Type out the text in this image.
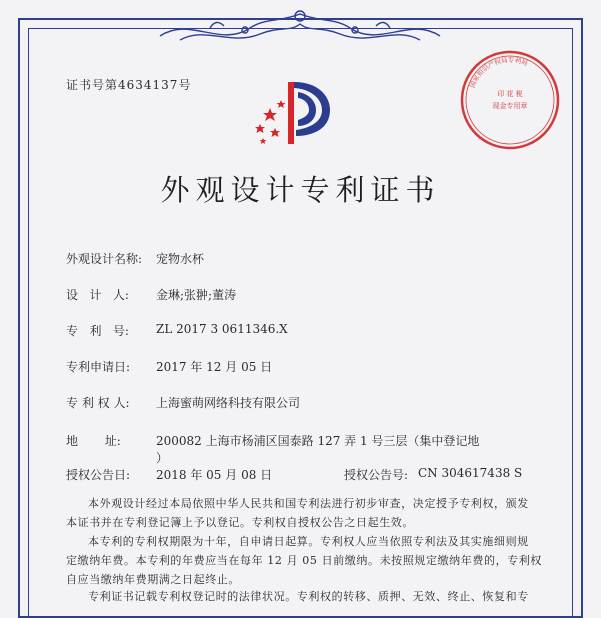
证书号第4634137号	国家知识产权局专利局
印 花 税
现金专用章
外观设计专利证书
外观设计名称: 宠物水杯
设   计   人: 金琳;张翀;董涛
专   利   号: ZL 2017 3 0611346.X
专利申请日: 2017 年 12 月 05 日
专 利 权 人: 上海蜜萌网络科技有限公司
地       址:	200082 上海市杨浦区国泰路 127 弄 1 号三层（集中登记地
）
授权公告日: 2018 年 05 月 08 日	授权公告号: CN 304617438 S
本外观设计经过本局依照中华人民共和国专利法进行初步审查，决定授予专利权，颁发
本证书并在专利登记簿上予以登记。专利权自授权公告之日起生效。
本专利的专利权期限为十年，自申请日起算。专利权人应当依照专利法及其实施细则规
定缴纳年费。本专利的年费应当在每年 12 月 05 日前缴纳。未按照规定缴纳年费的，专利权
自应当缴纳年费期满之日起终止。
专利证书记载专利权登记时的法律状况。专利权的转移、质押、无效、终止、恢复和专
